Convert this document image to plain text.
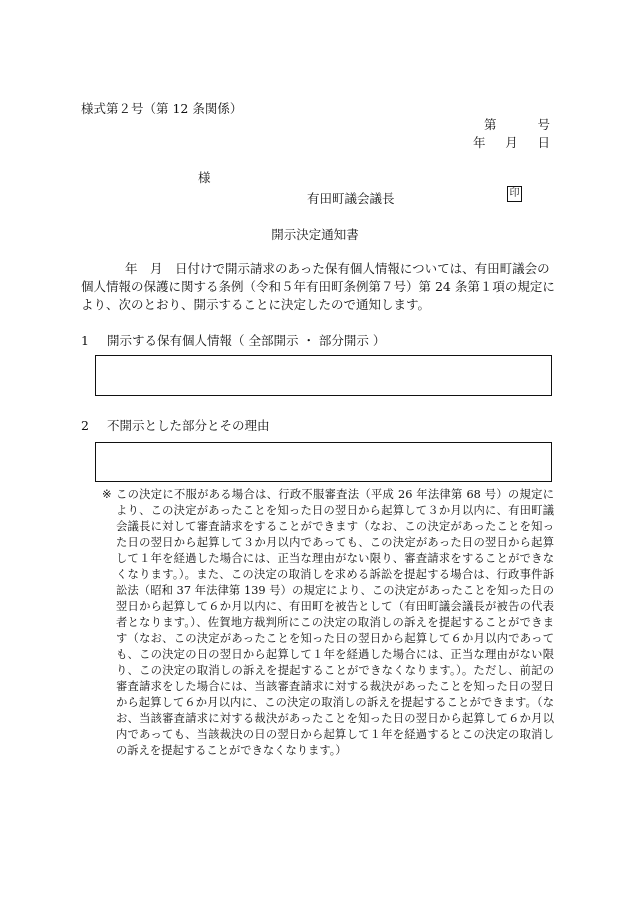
様式第２号（第 12 条関係）
第	号
年 月 日
様
有田町議会議長	印
開示決定通知書

年　月　日付けで開示請求のあった保有個人情報については、有田町議会の個人情報の保護に関する条例（令和５年有田町条例第７号）第 24 条第１項の規定により、次のとおり、開示することに決定したので通知します。

1 開示する保有個人情報（ 全部開示 ・ 部分開示 ）
2 不開示とした部分とその理由
※ この決定に不服がある場合は、行政不服審査法（平成 26 年法律第 68 号）の規定により、この決定があったことを知った日の翌日から起算して３か月以内に、有田町議会議長に対して審査請求をすることができます（なお、この決定があったことを知った日の翌日から起算して３か月以内であっても、この決定があった日の翌日から起算して１年を経過した場合には、正当な理由がない限り、審査請求をすることができなくなります。）。また、この決定の取消しを求める訴訟を提起する場合は、行政事件訴訟法（昭和 37 年法律第 139 号）の規定により、この決定があったことを知った日の翌日から起算して６か月以内に、有田町を被告として（有田町議会議長が被告の代表者となります。）、佐賀地方裁判所にこの決定の取消しの訴えを提起することができます（なお、この決定があったことを知った日の翌日から起算して６か月以内であっても、この決定の日の翌日から起算して１年を経過した場合には、正当な理由がない限り、この決定の取消しの訴えを提起することができなくなります。）。ただし、前記の審査請求をした場合には、当該審査請求に対する裁決があったことを知った日の翌日から起算して６か月以内に、この決定の取消しの訴えを提起することができます。（なお、当該審査請求に対する裁決があったことを知った日の翌日から起算して６か月以内であっても、当該裁決の日の翌日から起算して１年を経過するとこの決定の取消しの訴えを提起することができなくなります。）
